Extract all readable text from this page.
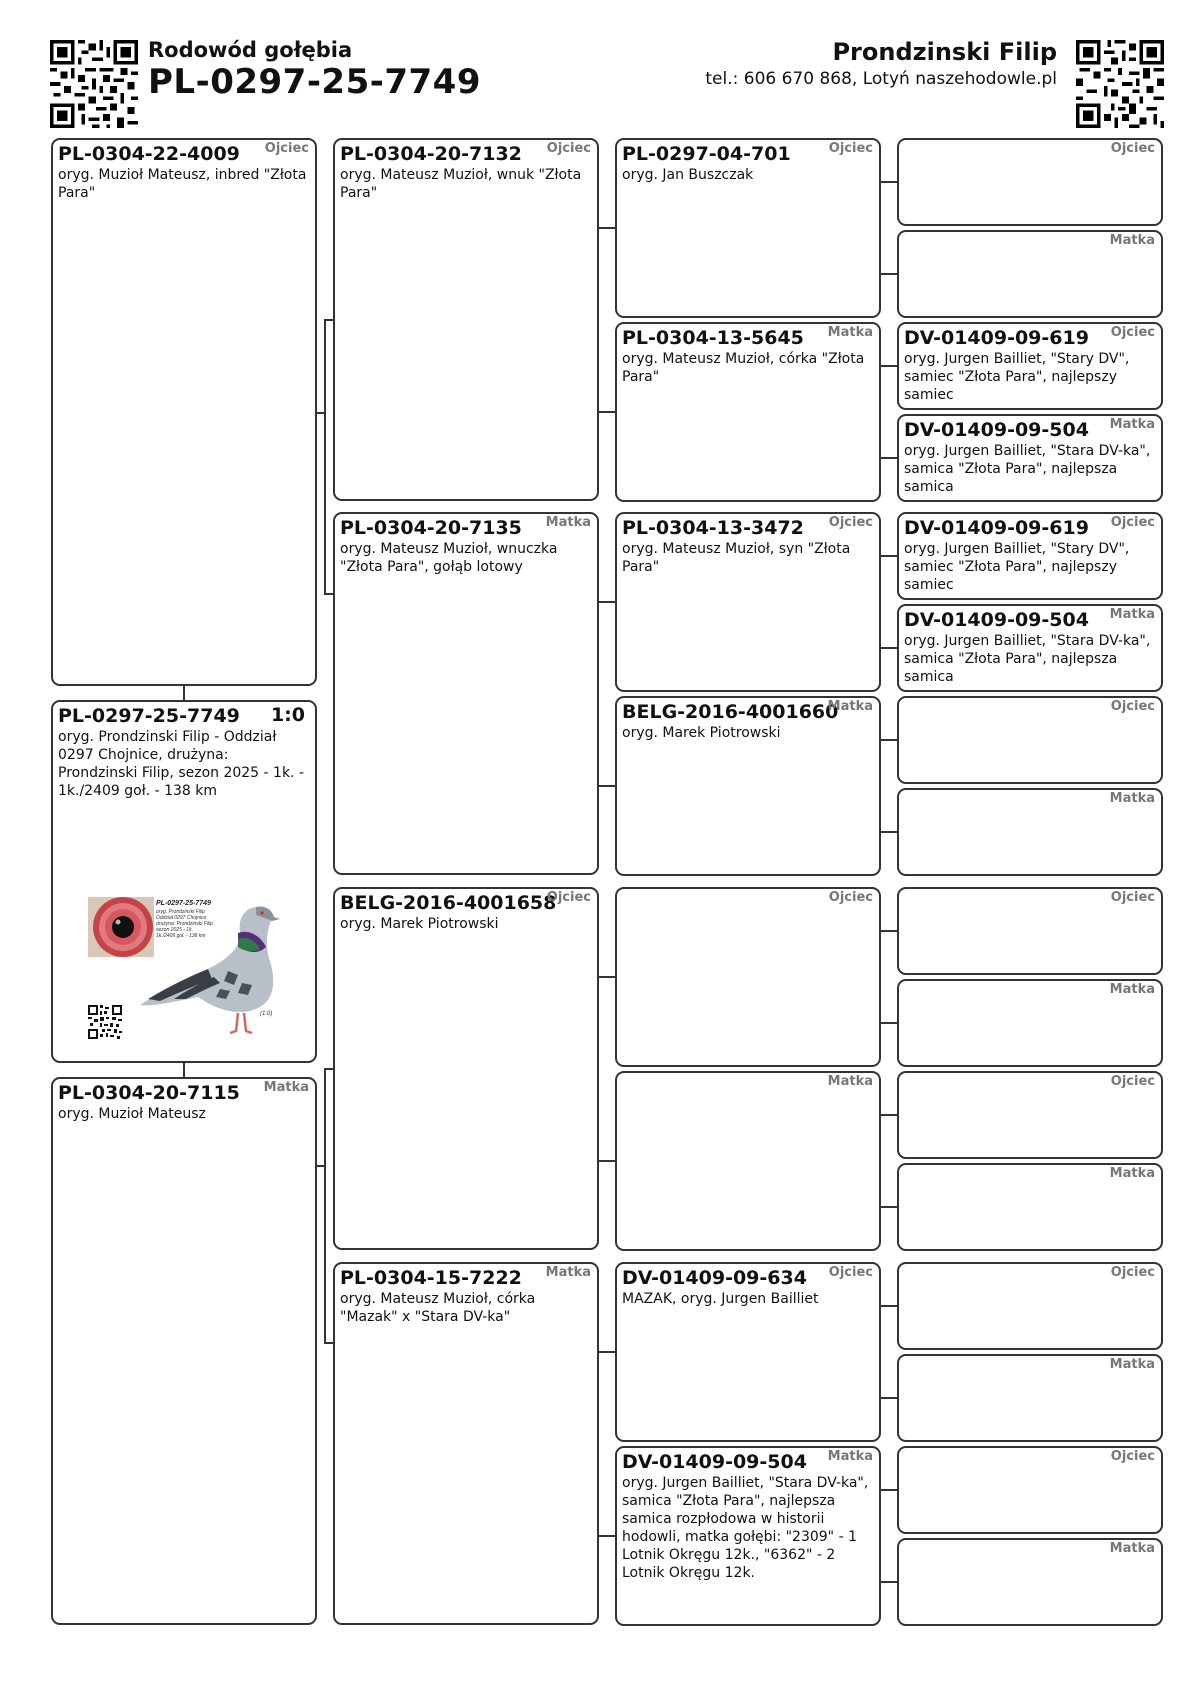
Rodowód gołębia
PL-0297-25-7749
Prondzinski Filip
tel.: 606 670 868, Lotyń naszehodowle.pl
Ojciec
PL-0304-22-4009
oryg. Muzioł Mateusz, inbred "Złota Para"
1:0
PL-0297-25-7749
oryg. Prondzinski Filip - Oddział 0297 Chojnice, drużyna: Prondzinski Filip, sezon 2025 - 1k. - 1k./2409 goł. - 138 km
PL-0297-25-7749
oryg. Prondzinski Filip
Oddział 0297 Chojnice
drużyna: Prondzinski Filip
sezon 2025 - 1k.
1k./2409 goł. - 138 km
(1:0)
Matka
PL-0304-20-7115
oryg. Muzioł Mateusz
Ojciec
PL-0304-20-7132
oryg. Mateusz Muzioł, wnuk "Złota Para"
Matka
PL-0304-20-7135
oryg. Mateusz Muzioł, wnuczka "Złota Para", gołąb lotowy
Ojciec
BELG-2016-4001658
oryg. Marek Piotrowski
Matka
PL-0304-15-7222
oryg. Mateusz Muzioł, córka "Mazak" x "Stara DV-ka"
Ojciec
PL-0297-04-701
oryg. Jan Buszczak
Matka
PL-0304-13-5645
oryg. Mateusz Muzioł, córka "Złota Para"
Ojciec
PL-0304-13-3472
oryg. Mateusz Muzioł, syn "Złota Para"
Matka
BELG-2016-4001660
oryg. Marek Piotrowski
Ojciec
Matka
Ojciec
DV-01409-09-634
MAZAK, oryg. Jurgen Bailliet
Matka
DV-01409-09-504
oryg. Jurgen Bailliet, "Stara DV-ka", samica "Złota Para", najlepsza samica rozpłodowa w historii hodowli, matka gołębi: "2309" - 1 Lotnik Okręgu 12k., "6362" - 2 Lotnik Okręgu 12k.
Ojciec
Matka
Ojciec
DV-01409-09-619
oryg. Jurgen Bailliet, "Stary DV", samiec "Złota Para", najlepszy samiec
Matka
DV-01409-09-504
oryg. Jurgen Bailliet, "Stara DV-ka", samica "Złota Para", najlepsza samica
Ojciec
DV-01409-09-619
oryg. Jurgen Bailliet, "Stary DV", samiec "Złota Para", najlepszy samiec
Matka
DV-01409-09-504
oryg. Jurgen Bailliet, "Stara DV-ka", samica "Złota Para", najlepsza samica
Ojciec
Matka
Ojciec
Matka
Ojciec
Matka
Ojciec
Matka
Ojciec
Matka
